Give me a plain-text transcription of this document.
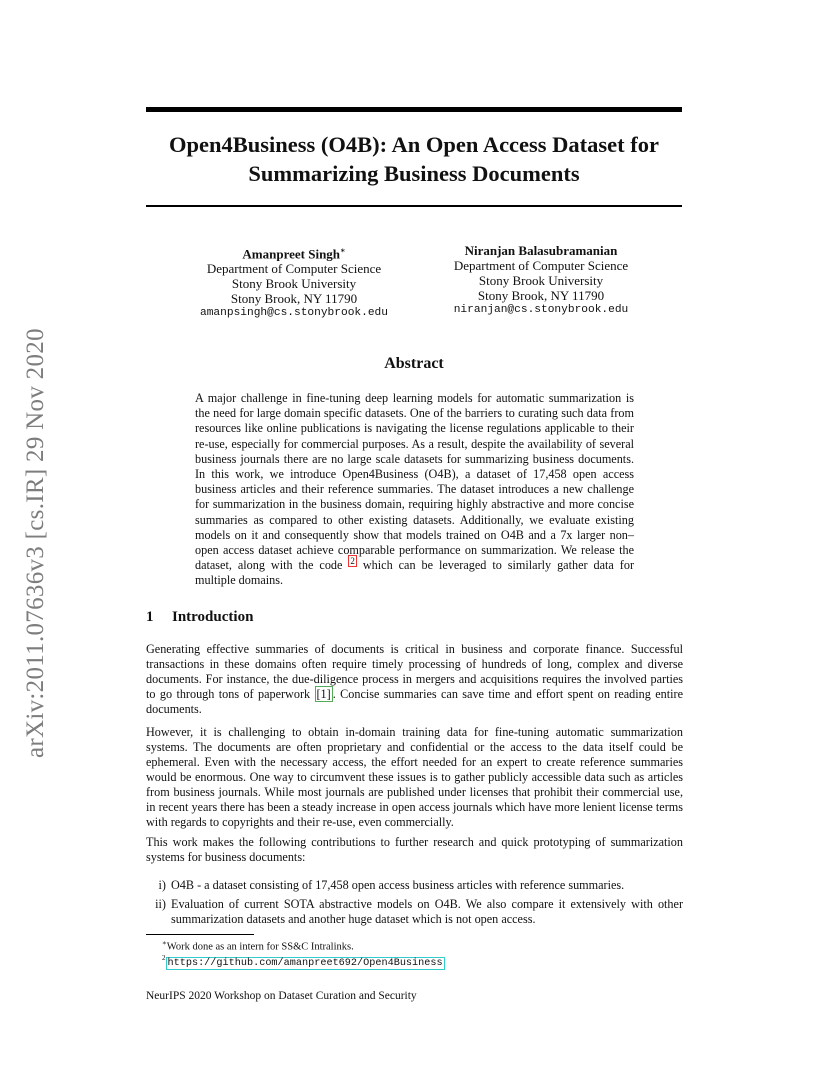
arXiv:2011.07636v3 [cs.IR] 29 Nov 2020
Open4Business (O4B): An Open Access Dataset for
Summarizing Business Documents
Amanpreet Singh∗
Department of Computer Science
Stony Brook University
Stony Brook, NY 11790
amanpsingh@cs.stonybrook.edu
Niranjan Balasubramanian
Department of Computer Science
Stony Brook University
Stony Brook, NY 11790
niranjan@cs.stonybrook.edu
Abstract

A major challenge in fine-tuning deep learning models for automatic summarization is the need for large domain specific datasets. One of the barriers to curating such data from resources like online publications is navigating the license regulations applicable to their re-use, especially for commercial purposes. As a result, despite the availability of several business journals there are no large scale datasets for summarizing business documents. In this work, we introduce Open4Business (O4B), a dataset of 17,458 open access business articles and their reference summaries. The dataset introduces a new challenge for summarization in the business domain, requiring highly abstractive and more concise summaries as compared to other existing datasets. Additionally, we evaluate existing models on it and consequently show that models trained on O4B and a 7x larger non–open access dataset achieve comparable performance on summarization. We release the dataset, along with the code $^2$ which can be leveraged to similarly gather data for multiple domains.

1 Introduction

Generating effective summaries of documents is critical in business and corporate finance. Successful transactions in these domains often require timely processing of hundreds of long, complex and diverse documents. For instance, the due-diligence process in mergers and acquisitions requires the involved parties to go through tons of paperwork [1] . Concise summaries can save time and effort spent on reading entire documents.

However, it is challenging to obtain in-domain training data for fine-tuning automatic summarization systems. The documents are often proprietary and confidential or the access to the data itself could be ephemeral. Even with the necessary access, the effort needed for an expert to create reference summaries would be enormous. One way to circumvent these issues is to gather publicly accessible data such as articles from business journals. While most journals are published under licenses that prohibit their commercial use, in recent years there has been a steady increase in open access journals which have more lenient license terms with regards to copyrights and their re-use, even commercially.

This work makes the following contributions to further research and quick prototyping of summarization systems for business documents:

i) O4B - a dataset consisting of 17,458 open access business articles with reference summaries.
ii) Evaluation of current SOTA abstractive models on O4B. We also compare it extensively with other summarization datasets and another huge dataset which is not open access.
∗Work done as an intern for SS&C Intralinks.
$^2$ https://github.com/amanpreet692/Open4Business

NeurIPS 2020 Workshop on Dataset Curation and Security
